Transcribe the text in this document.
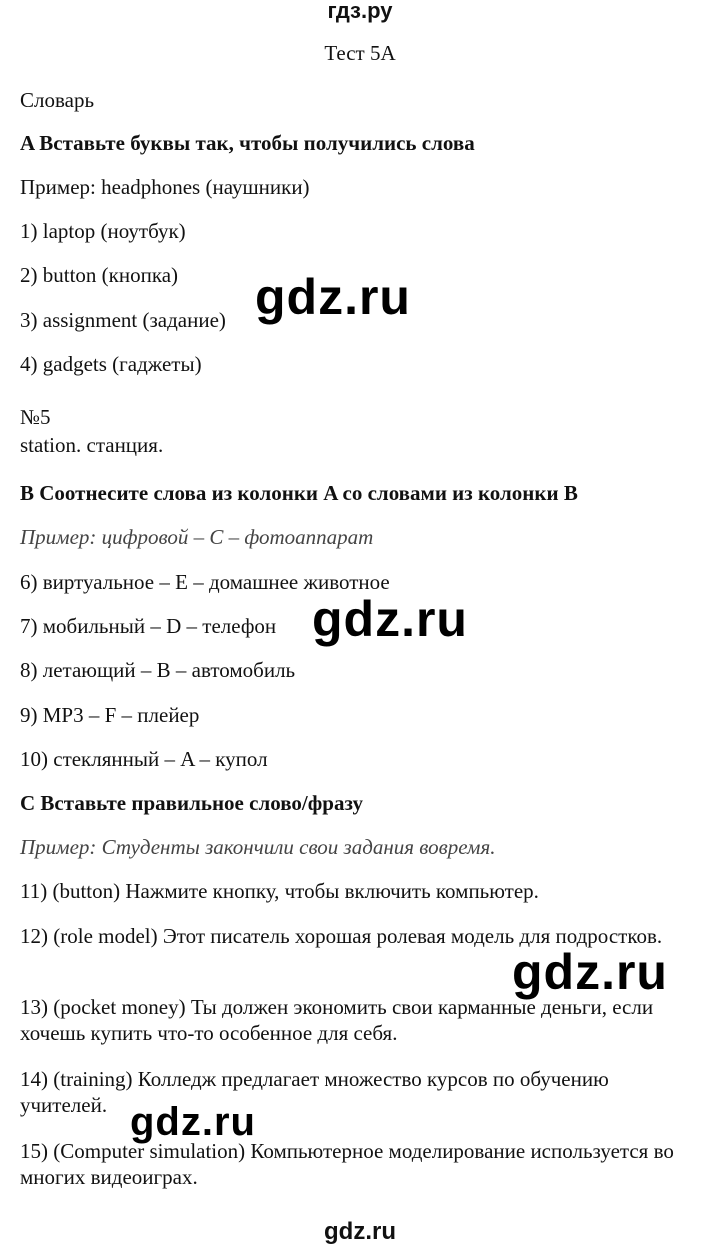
гдз.ру
Тест 5А
Словарь
A Вставьте буквы так, чтобы получились слова
Пример: headphones (наушники)
1) laptop (ноутбук)
2) button (кнопка)
3) assignment (задание)
4) gadgets (гаджеты)
№5
station. станция.
B Соотнесите слова из колонки A со словами из колонки B
Пример: цифровой – C – фотоаппарат
6) виртуальное – E – домашнее животное
7) мобильный – D – телефон
8) летающий – B – автомобиль
9) MP3 – F – плейер
10) стеклянный – A – купол
C Вставьте правильное слово/фразу
Пример: Студенты закончили свои задания вовремя.
11) (button) Нажмите кнопку, чтобы включить компьютер.
12) (role model) Этот писатель хорошая ролевая модель для подростков.
13) (pocket money) Ты должен экономить свои карманные деньги, если хочешь купить что-то особенное для себя.
14) (training) Колледж предлагает множество курсов по обучению учителей.
15) (Computer simulation) Компьютерное моделирование используется во многих видеоиграх.
gdz.ru
gdz.ru
gdz.ru
gdz.ru
gdz.ru
